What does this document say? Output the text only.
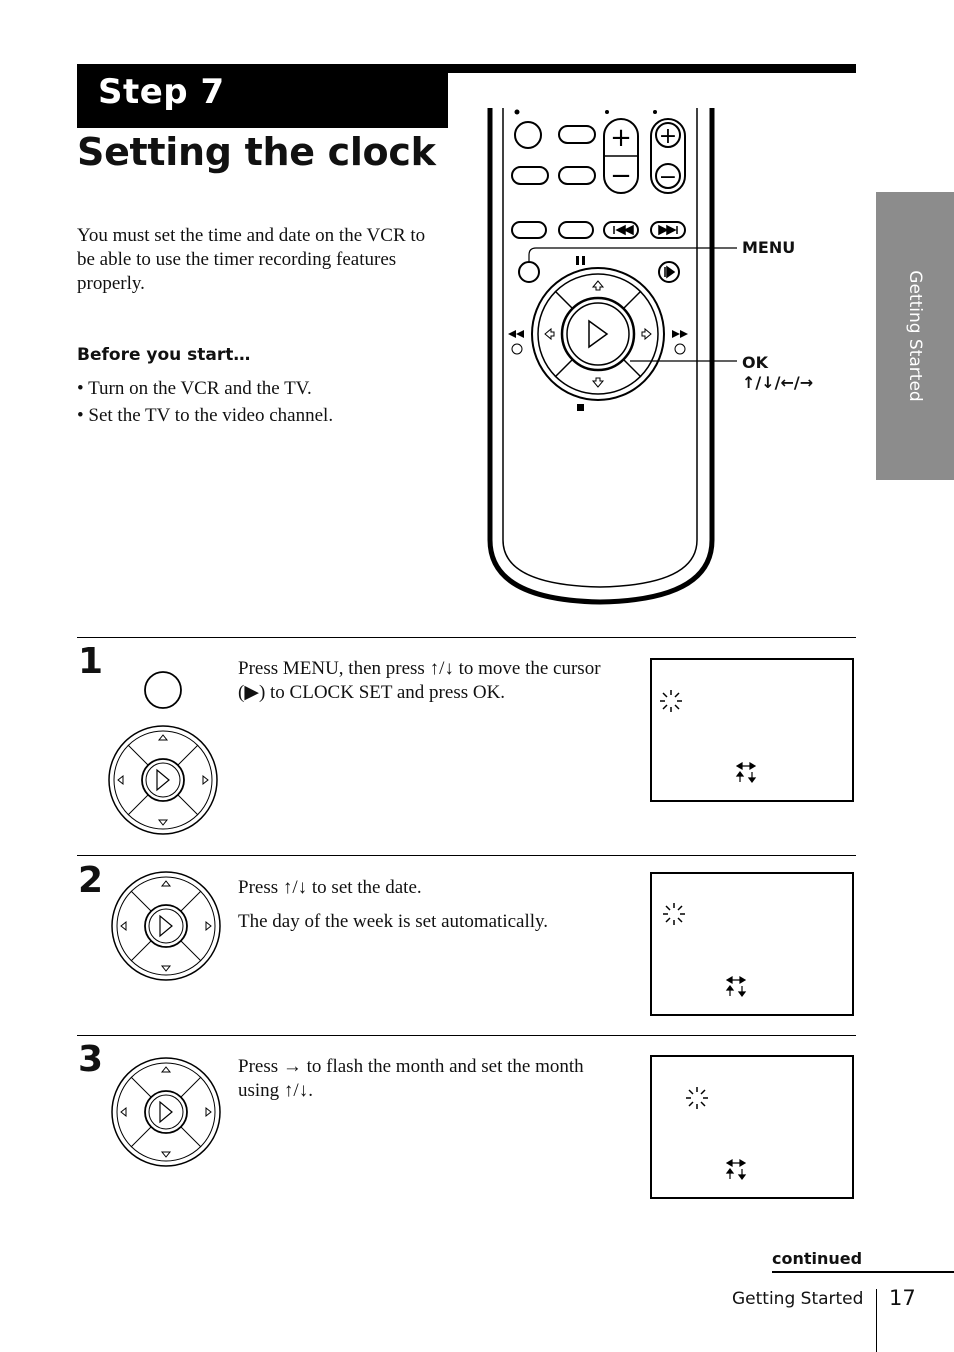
Step 7
Setting the clock
You must set the time and date on the VCR to be able to use the timer recording features properly.
Before you start…
• Turn on the VCR and the TV.
• Set the TV to the video channel.
Getting Started
+
−
+
−
MENU
OK
↑/↓/←/→
1	Press MENU, then press ↑/↓ to move the cursor (▶) to CLOCK SET and press OK.

2	Press ↑/↓ to set the date.

The day of the week is set automatically.

3	Press → to flash the month and set the month using ↑/↓.

continued
Getting Started 17
